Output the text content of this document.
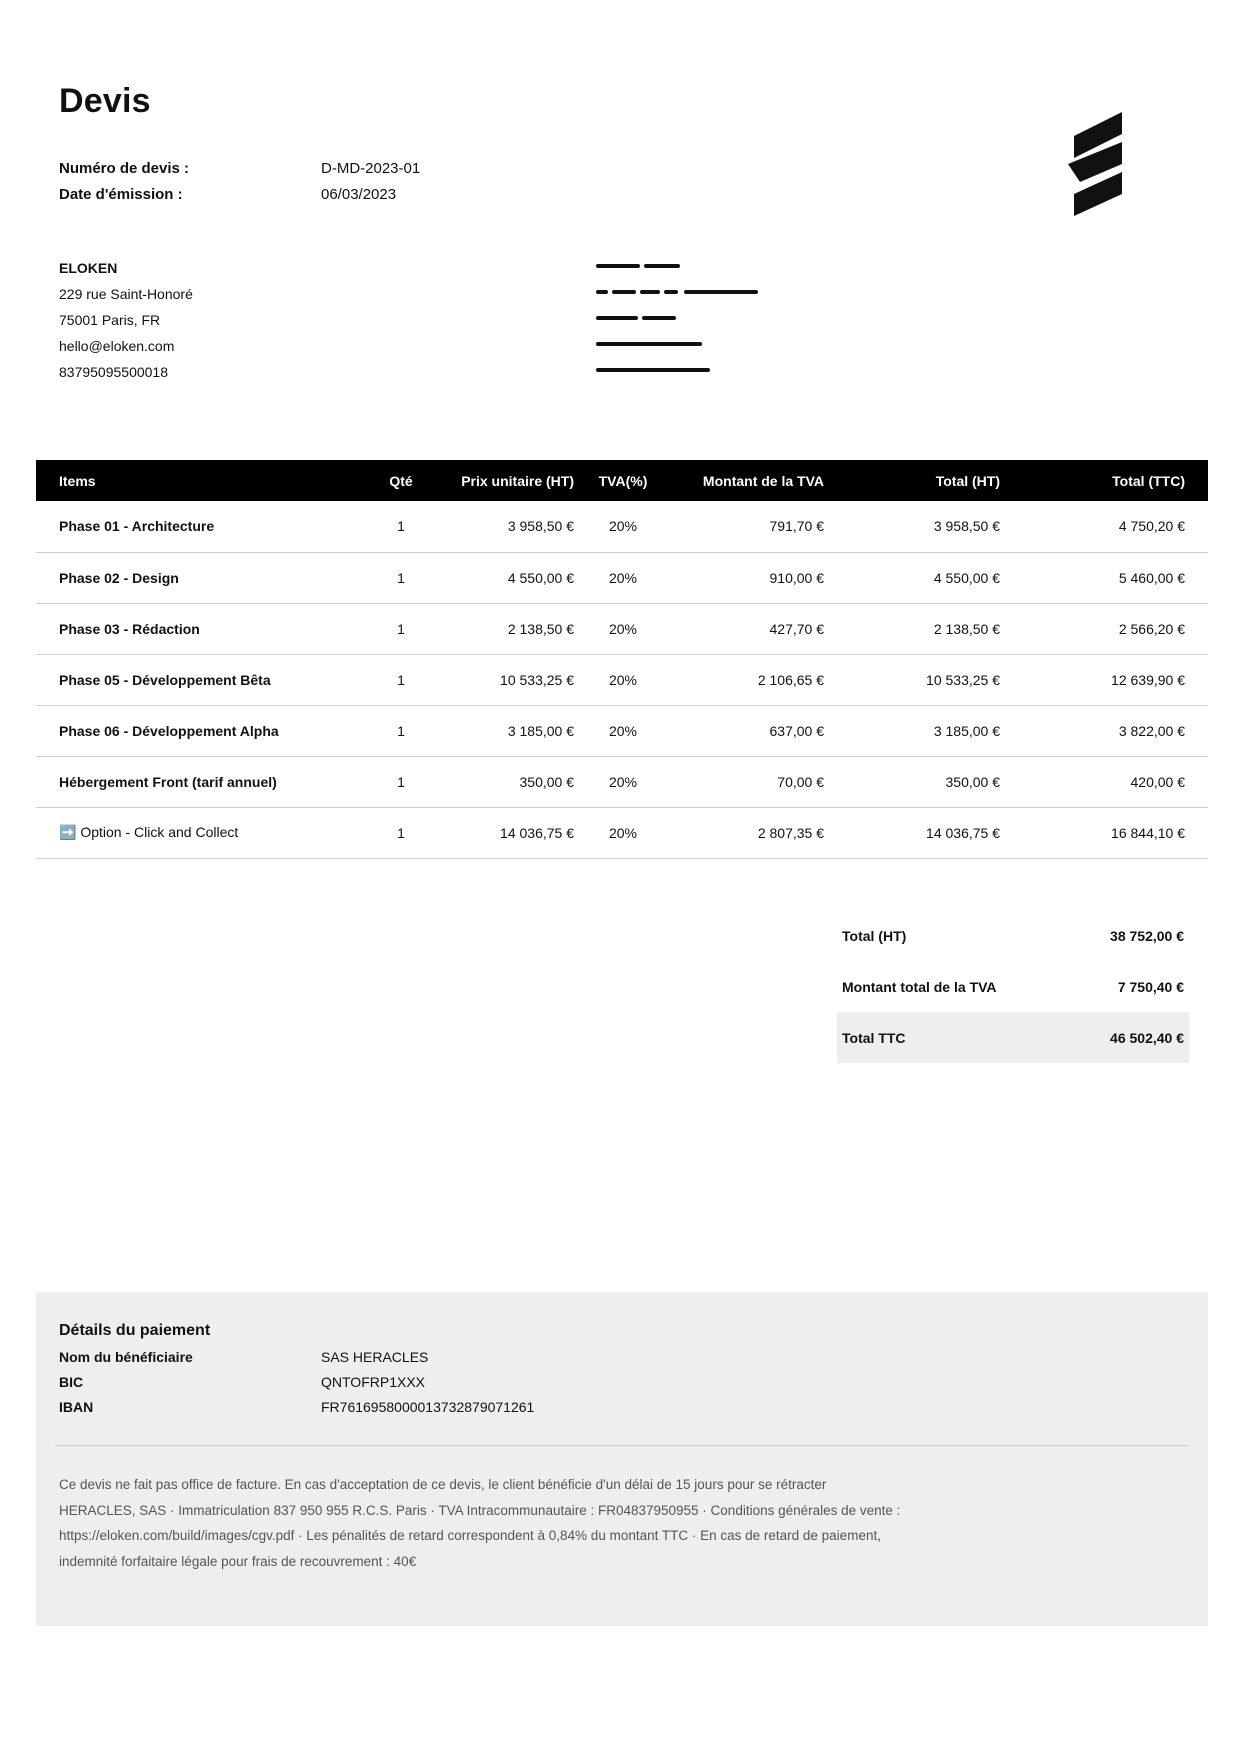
Devis
Numéro de devis :	D-MD-2023-01
Date d'émission :	06/03/2023
ELOKEN
229 rue Saint-Honoré
75001 Paris, FR
hello@eloken.com
83795095500018
Items	Qté	Prix unitaire (HT)	TVA(%)	Montant de la TVA	Total (HT)	Total (TTC)
Phase 01 - Architecture	1	3 958,50 €	20%	791,70 €	3 958,50 €	4 750,20 €
Phase 02 - Design	1	4 550,00 €	20%	910,00 €	4 550,00 €	5 460,00 €
Phase 03 - Rédaction	1	2 138,50 €	20%	427,70 €	2 138,50 €	2 566,20 €
Phase 05 - Développement Bêta	1	10 533,25 €	20%	2 106,65 €	10 533,25 €	12 639,90 €
Phase 06 - Développement Alpha	1	3 185,00 €	20%	637,00 €	3 185,00 €	3 822,00 €
Hébergement Front (tarif annuel)	1	350,00 €	20%	70,00 €	350,00 €	420,00 €
➡️ Option - Click and Collect	1	14 036,75 €	20%	2 807,35 €	14 036,75 €	16 844,10 €
Total (HT)	38 752,00 €
Montant total de la TVA	7 750,40 €
Total TTC	46 502,40 €
Détails du paiement
Nom du bénéficiaire	SAS HERACLES
BIC	QNTOFRP1XXX
IBAN	FR7616958000013732879071261
Ce devis ne fait pas office de facture. En cas d'acceptation de ce devis, le client bénéficie d'un délai de 15 jours pour se rétracter
HERACLES, SAS · Immatriculation 837 950 955 R.C.S. Paris · TVA Intracommunautaire : FR04837950955 · Conditions générales de vente :
https://eloken.com/build/images/cgv.pdf · Les pénalités de retard correspondent à 0,84% du montant TTC · En cas de retard de paiement,
indemnité forfaitaire légale pour frais de recouvrement : 40€
